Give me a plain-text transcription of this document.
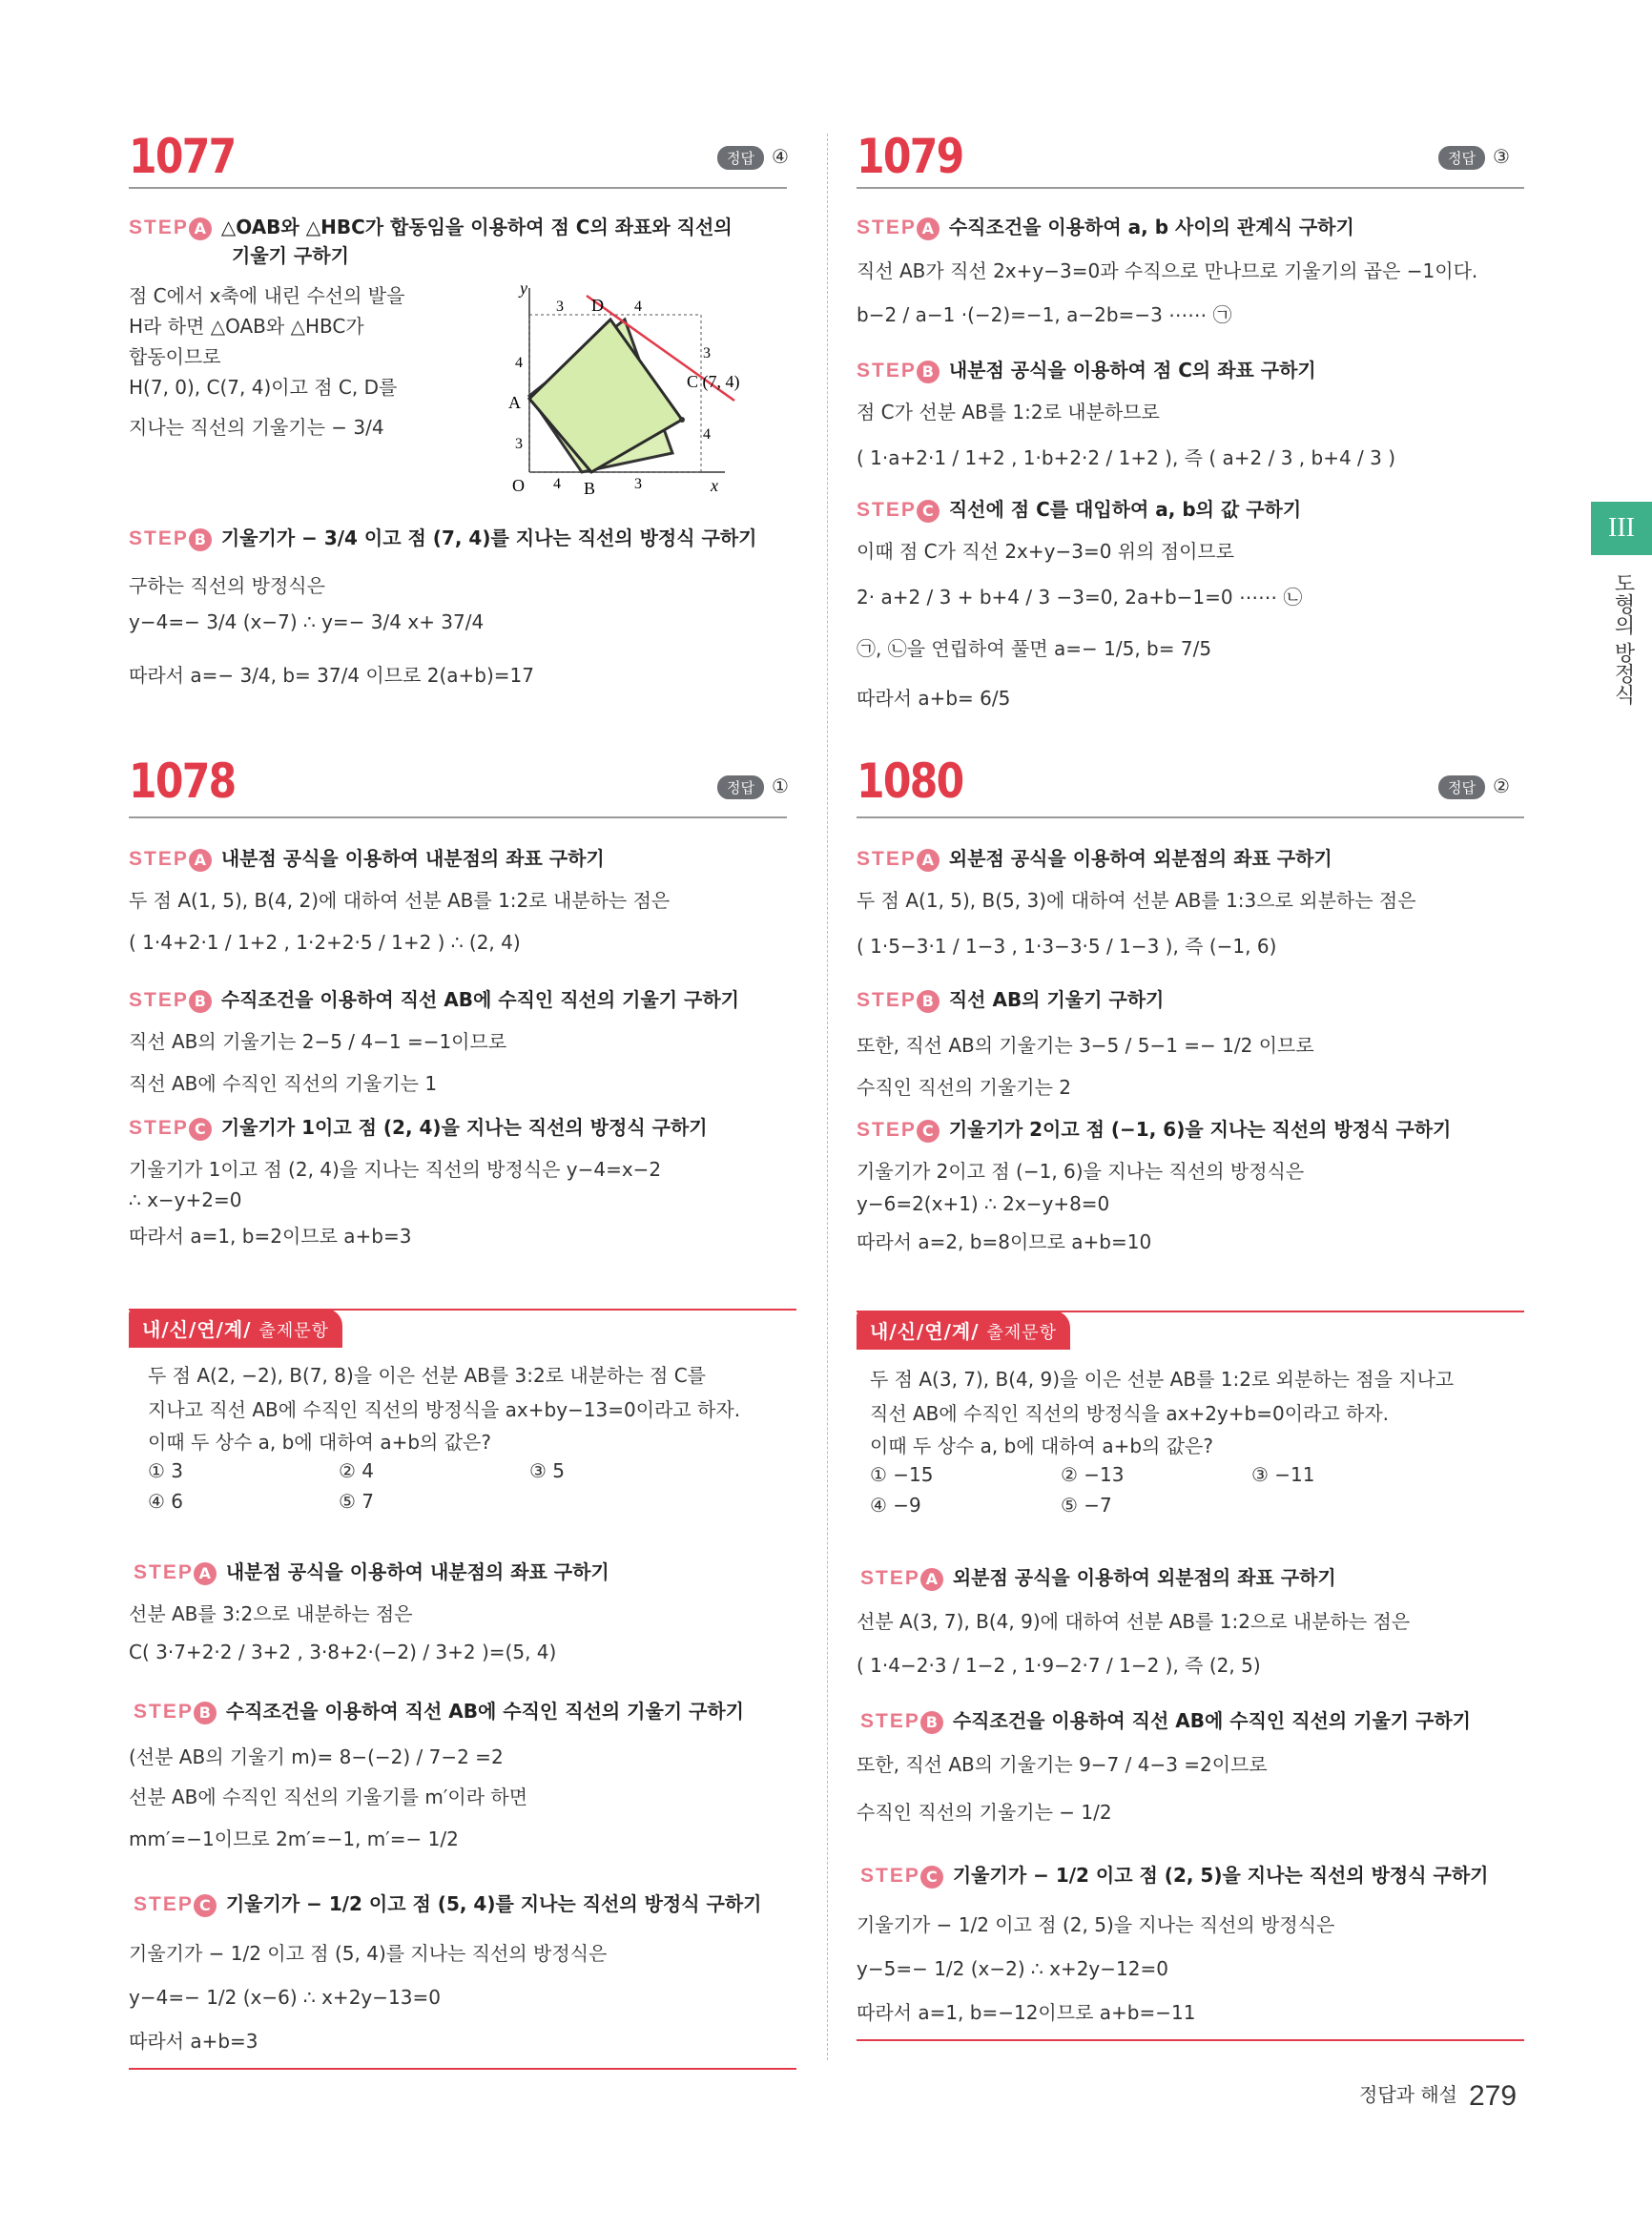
1077	정답 ④
STEP A △OAB와 △HBC가 합동임을 이용하여 점 C의 좌표와 직선의
기울기 구하기
점 C에서 x축에 내린 수선의 발을
H라 하면 △OAB와 △HBC가
합동이므로
H(7, 0), C(7, 4)이고 점 C, D를
지나는 직선의 기울기는 − 3/4
y
x
O
A
B
C (7, 4)
D
3	4
4
3
4	3
3
4
STEP B 기울기가 − 3/4 이고 점 (7, 4)를 지나는 직선의 방정식 구하기
구하는 직선의 방정식은
y−4=− 3/4 (x−7) ∴ y=− 3/4 x+ 37/4
따라서 a=− 3/4, b= 37/4 이므로 2(a+b)=17
1078	정답 ①
STEP A 내분점 공식을 이용하여 내분점의 좌표 구하기
두 점 A(1, 5), B(4, 2)에 대하여 선분 AB를 1:2로 내분하는 점은
( 1·4+2·1 / 1+2 , 1·2+2·5 / 1+2 ) ∴ (2, 4)
STEP B 수직조건을 이용하여 직선 AB에 수직인 직선의 기울기 구하기
직선 AB의 기울기는 2−5 / 4−1 =−1이므로
직선 AB에 수직인 직선의 기울기는 1
STEP C 기울기가 1이고 점 (2, 4)을 지나는 직선의 방정식 구하기
기울기가 1이고 점 (2, 4)을 지나는 직선의 방정식은 y−4=x−2
∴ x−y+2=0
따라서 a=1, b=2이므로 a+b=3
내/신/연/계/ 출제문항
두 점 A(2, −2), B(7, 8)을 이은 선분 AB를 3:2로 내분하는 점 C를
지나고 직선 AB에 수직인 직선의 방정식을 ax+by−13=0이라고 하자.
이때 두 상수 a, b에 대하여 a+b의 값은?
① 3	② 4	③ 5
④ 6	⑤ 7
STEP A 내분점 공식을 이용하여 내분점의 좌표 구하기
선분 AB를 3:2으로 내분하는 점은
C( 3·7+2·2 / 3+2 , 3·8+2·(−2) / 3+2 )=(5, 4)
STEP B 수직조건을 이용하여 직선 AB에 수직인 직선의 기울기 구하기
(선분 AB의 기울기 m)= 8−(−2) / 7−2 =2
선분 AB에 수직인 직선의 기울기를 m′이라 하면
mm′=−1이므로 2m′=−1, m′=− 1/2
STEP C 기울기가 − 1/2 이고 점 (5, 4)를 지나는 직선의 방정식 구하기
기울기가 − 1/2 이고 점 (5, 4)를 지나는 직선의 방정식은
y−4=− 1/2 (x−6) ∴ x+2y−13=0
따라서 a+b=3
1079	정답 ③
STEP A 수직조건을 이용하여 a, b 사이의 관계식 구하기
직선 AB가 직선 2x+y−3=0과 수직으로 만나므로 기울기의 곱은 −1이다.
b−2 / a−1 ·(−2)=−1, a−2b=−3 ⋯⋯ ㉠
STEP B 내분점 공식을 이용하여 점 C의 좌표 구하기
점 C가 선분 AB를 1:2로 내분하므로
( 1·a+2·1 / 1+2 , 1·b+2·2 / 1+2 ), 즉 ( a+2 / 3 , b+4 / 3 )
STEP C 직선에 점 C를 대입하여 a, b의 값 구하기
이때 점 C가 직선 2x+y−3=0 위의 점이므로
2· a+2 / 3 + b+4 / 3 −3=0, 2a+b−1=0 ⋯⋯ ㉡
㉠, ㉡을 연립하여 풀면 a=− 1/5, b= 7/5
따라서 a+b= 6/5
1080	정답 ②
STEP A 외분점 공식을 이용하여 외분점의 좌표 구하기
두 점 A(1, 5), B(5, 3)에 대하여 선분 AB를 1:3으로 외분하는 점은
( 1·5−3·1 / 1−3 , 1·3−3·5 / 1−3 ), 즉 (−1, 6)
STEP B 직선 AB의 기울기 구하기
또한, 직선 AB의 기울기는 3−5 / 5−1 =− 1/2 이므로
수직인 직선의 기울기는 2
STEP C 기울기가 2이고 점 (−1, 6)을 지나는 직선의 방정식 구하기
기울기가 2이고 점 (−1, 6)을 지나는 직선의 방정식은
y−6=2(x+1) ∴ 2x−y+8=0
따라서 a=2, b=8이므로 a+b=10
내/신/연/계/ 출제문항
두 점 A(3, 7), B(4, 9)을 이은 선분 AB를 1:2로 외분하는 점을 지나고
직선 AB에 수직인 직선의 방정식을 ax+2y+b=0이라고 하자.
이때 두 상수 a, b에 대하여 a+b의 값은?
① −15	② −13	③ −11
④ −9	⑤ −7
STEP A 외분점 공식을 이용하여 외분점의 좌표 구하기
선분 A(3, 7), B(4, 9)에 대하여 선분 AB를 1:2으로 내분하는 점은
( 1·4−2·3 / 1−2 , 1·9−2·7 / 1−2 ), 즉 (2, 5)
STEP B 수직조건을 이용하여 직선 AB에 수직인 직선의 기울기 구하기
또한, 직선 AB의 기울기는 9−7 / 4−3 =2이므로
수직인 직선의 기울기는 − 1/2
STEP C 기울기가 − 1/2 이고 점 (2, 5)을 지나는 직선의 방정식 구하기
기울기가 − 1/2 이고 점 (2, 5)을 지나는 직선의 방정식은
y−5=− 1/2 (x−2) ∴ x+2y−12=0
따라서 a=1, b=−12이므로 a+b=−11
III
도형의 방정식
정답과 해설 279
